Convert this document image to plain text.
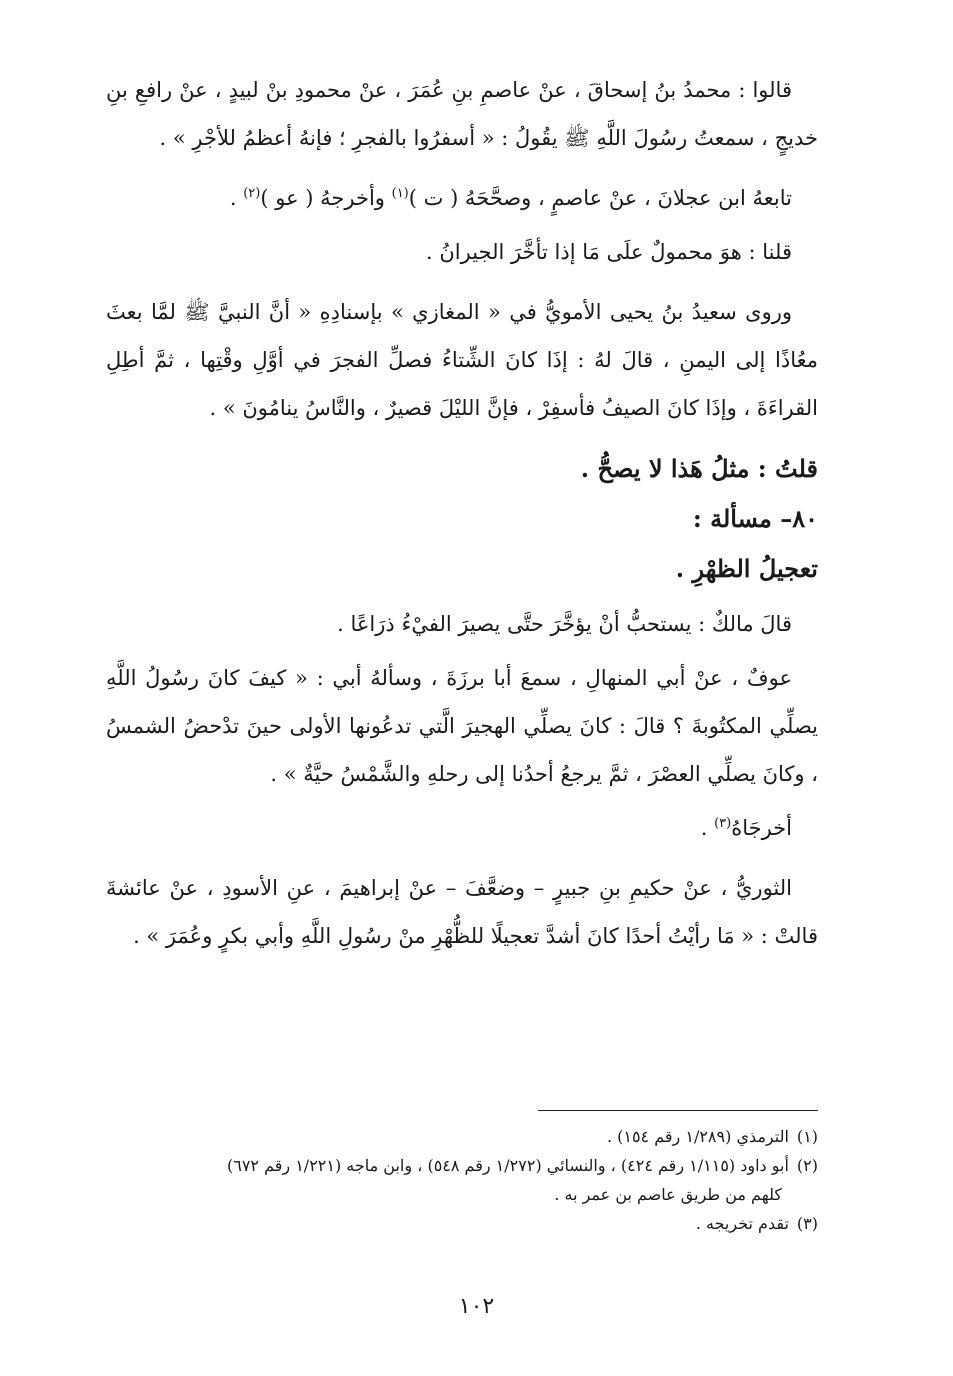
قالوا : محمدُ بنُ إسحاقَ ، عنْ عاصمِ بنِ عُمَرَ ، عنْ محمودِ بنْ لبيدٍ ، عنْ رافعِ بنِ خديجٍ ، سمعتُ رسُولَ اللَّهِ ﷺ يقُولُ : « أسفرُوا بالفجرِ ؛ فإنهُ أعظمُ للأجْرِ » .

تابعهُ ابن عجلانَ ، عنْ عاصمٍ ، وصحَّحَهُ ( ت )$^{(١)}$ وأخرجهُ ( عو )$^{(٢)}$ .

قلنا : هوَ محمولٌ علَى مَا إذا تأخَّرَ الجيرانُ .

وروى سعيدُ بنُ يحيى الأمويُّ في « المغازي » بإسنادِهِ « أنَّ النبيَّ ﷺ لمَّا بعثَ معُاذًا إلى اليمنِ ، قالَ لهُ : إذَا كانَ الشِّتاءُ فصلِّ الفجرَ في أوَّلِ وقْتِها ، ثمَّ أطِلِ القراءَةَ ، وإذَا كانَ الصيفُ فأسفِرْ ، فإنَّ الليْلَ قصيرٌ ، والنَّاسُ ينامُونَ » .

قلتُ : مثلُ هَذا لا يصحُّ .

٨٠– مسألة :

تعجيلُ الظهْرِ .

قالَ مالكٌ : يستحبُّ أنْ يؤخَّرَ حتَّى يصيرَ الفيْءُ ذرَاعًا .

عوفٌ ، عنْ أبي المنهالِ ، سمعَ أبا برزَةَ ، وسألهُ أبي : « كيفَ كانَ رسُولُ اللَّهِ يصلِّي المكتُوبةَ ؟ قالَ : كانَ يصلِّي الهجيرَ الَّتي تدعُونها الأولى حينَ تدْحضُ الشمسُ ، وكانَ يصلِّي العصْرَ ، ثمَّ يرجعُ أحدُنا إلى رحلهِ والشَّمْسُ حيَّةٌ » .

أخرجَاهُ$^{(٣)}$ .

الثوريُّ ، عنْ حكيمِ بنِ جبيرٍ – وضعَّفَ – عنْ إبراهيمَ ، عنِ الأسودِ ، عنْ عائشةَ قالتْ : « مَا رأيْتُ أحدًا كانَ أشدَّ تعجيلًا للظُّهْرِ منْ رسُولِ اللَّهِ وأبي بكرٍ وعُمَرَ » .

(١)الترمذي (١/٢٨٩ رقم ١٥٤) .

(٢)أبو داود (١/١١٥ رقم ٤٢٤) ، والنسائي (١/٢٧٢ رقم ٥٤٨) ، وابن ماجه (١/٢٢١ رقم ٦٧٢)

كلهم من طريق عاصم بن عمر به .

(٣)تقدم تخريجه .

١٠٢
